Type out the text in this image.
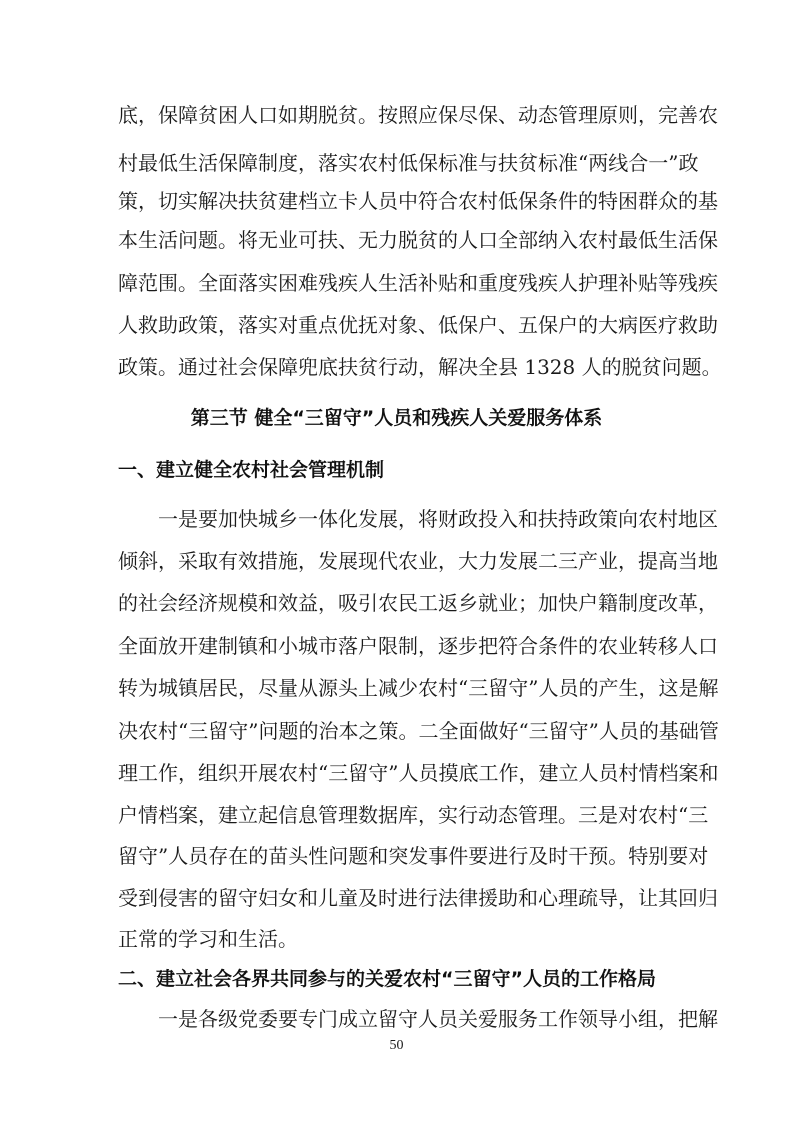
底，保障贫困人口如期脱贫。按照应保尽保、动态管理原则，完善农
村最低生活保障制度，落实农村低保标准与扶贫标准“两线合一”政
策，切实解决扶贫建档立卡人员中符合农村低保条件的特困群众的基
本生活问题。将无业可扶、无力脱贫的人口全部纳入农村最低生活保
障范围。全面落实困难残疾人生活补贴和重度残疾人护理补贴等残疾
人救助政策，落实对重点优抚对象、低保户、五保户的大病医疗救助
政策。通过社会保障兜底扶贫行动，解决全县 1328 人的脱贫问题。
第三节 健全“三留守”人员和残疾人关爱服务体系
一、建立健全农村社会管理机制
一是要加快城乡一体化发展，将财政投入和扶持政策向农村地区
倾斜，采取有效措施，发展现代农业，大力发展二三产业，提高当地
的社会经济规模和效益，吸引农民工返乡就业；加快户籍制度改革，
全面放开建制镇和小城市落户限制，逐步把符合条件的农业转移人口
转为城镇居民，尽量从源头上减少农村“三留守”人员的产生，这是解
决农村“三留守”问题的治本之策。二全面做好“三留守”人员的基础管
理工作，组织开展农村“三留守”人员摸底工作，建立人员村情档案和
户情档案，建立起信息管理数据库，实行动态管理。三是对农村“三
留守”人员存在的苗头性问题和突发事件要进行及时干预。特别要对
受到侵害的留守妇女和儿童及时进行法律援助和心理疏导，让其回归
正常的学习和生活。
二、建立社会各界共同参与的关爱农村“三留守”人员的工作格局
一是各级党委要专门成立留守人员关爱服务工作领导小组，把解
50
